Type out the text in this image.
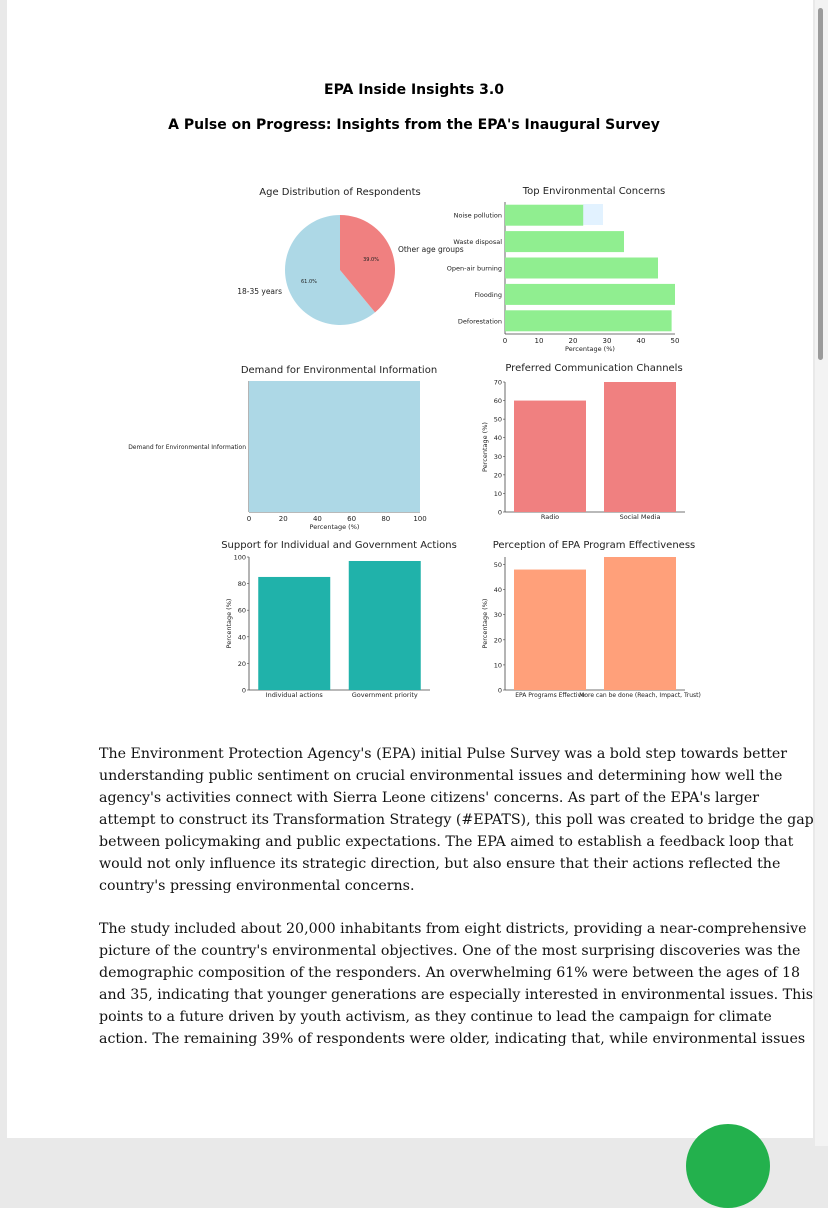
EPA Inside Insights 3.0
A Pulse on Progress: Insights from the EPA's Inaugural Survey
Age Distribution of Respondents
18-35 years
61.0%
Other age groups
39.0%
Top Environmental Concerns
Noise pollution
Waste disposal
Open-air burning
Flooding
Deforestation
0	10	20	30	40	50
Percentage (%)
Demand for Environmental Information
Demand for Environmental Information
0	20	40	60	80	100
Percentage (%)
Preferred Communication Channels
Radio	Social Media
0
10
20
30
40
50
60
70
Percentage (%)
Support for Individual and Government Actions
Individual actions	Government priority
0
20
40
60
80
100
Percentage (%)
Perception of EPA Program Effectiveness
EPA Programs Effective
More can be done (Reach, Impact, Trust)
0
10
20
30
40
50
Percentage (%)
The Environment Protection Agency's (EPA) initial Pulse Survey was a bold step towards better
understanding public sentiment on crucial environmental issues and determining how well the
agency's activities connect with Sierra Leone citizens' concerns. As part of the EPA's larger
attempt to construct its Transformation Strategy (#EPATS), this poll was created to bridge the gap
between policymaking and public expectations. The EPA aimed to establish a feedback loop that
would not only influence its strategic direction, but also ensure that their actions reflected the
country's pressing environmental concerns.
The study included about 20,000 inhabitants from eight districts, providing a near-comprehensive
picture of the country's environmental objectives. One of the most surprising discoveries was the
demographic composition of the responders. An overwhelming 61% were between the ages of 18
and 35, indicating that younger generations are especially interested in environmental issues. This
points to a future driven by youth activism, as they continue to lead the campaign for climate
action. The remaining 39% of respondents were older, indicating that, while environmental issues
